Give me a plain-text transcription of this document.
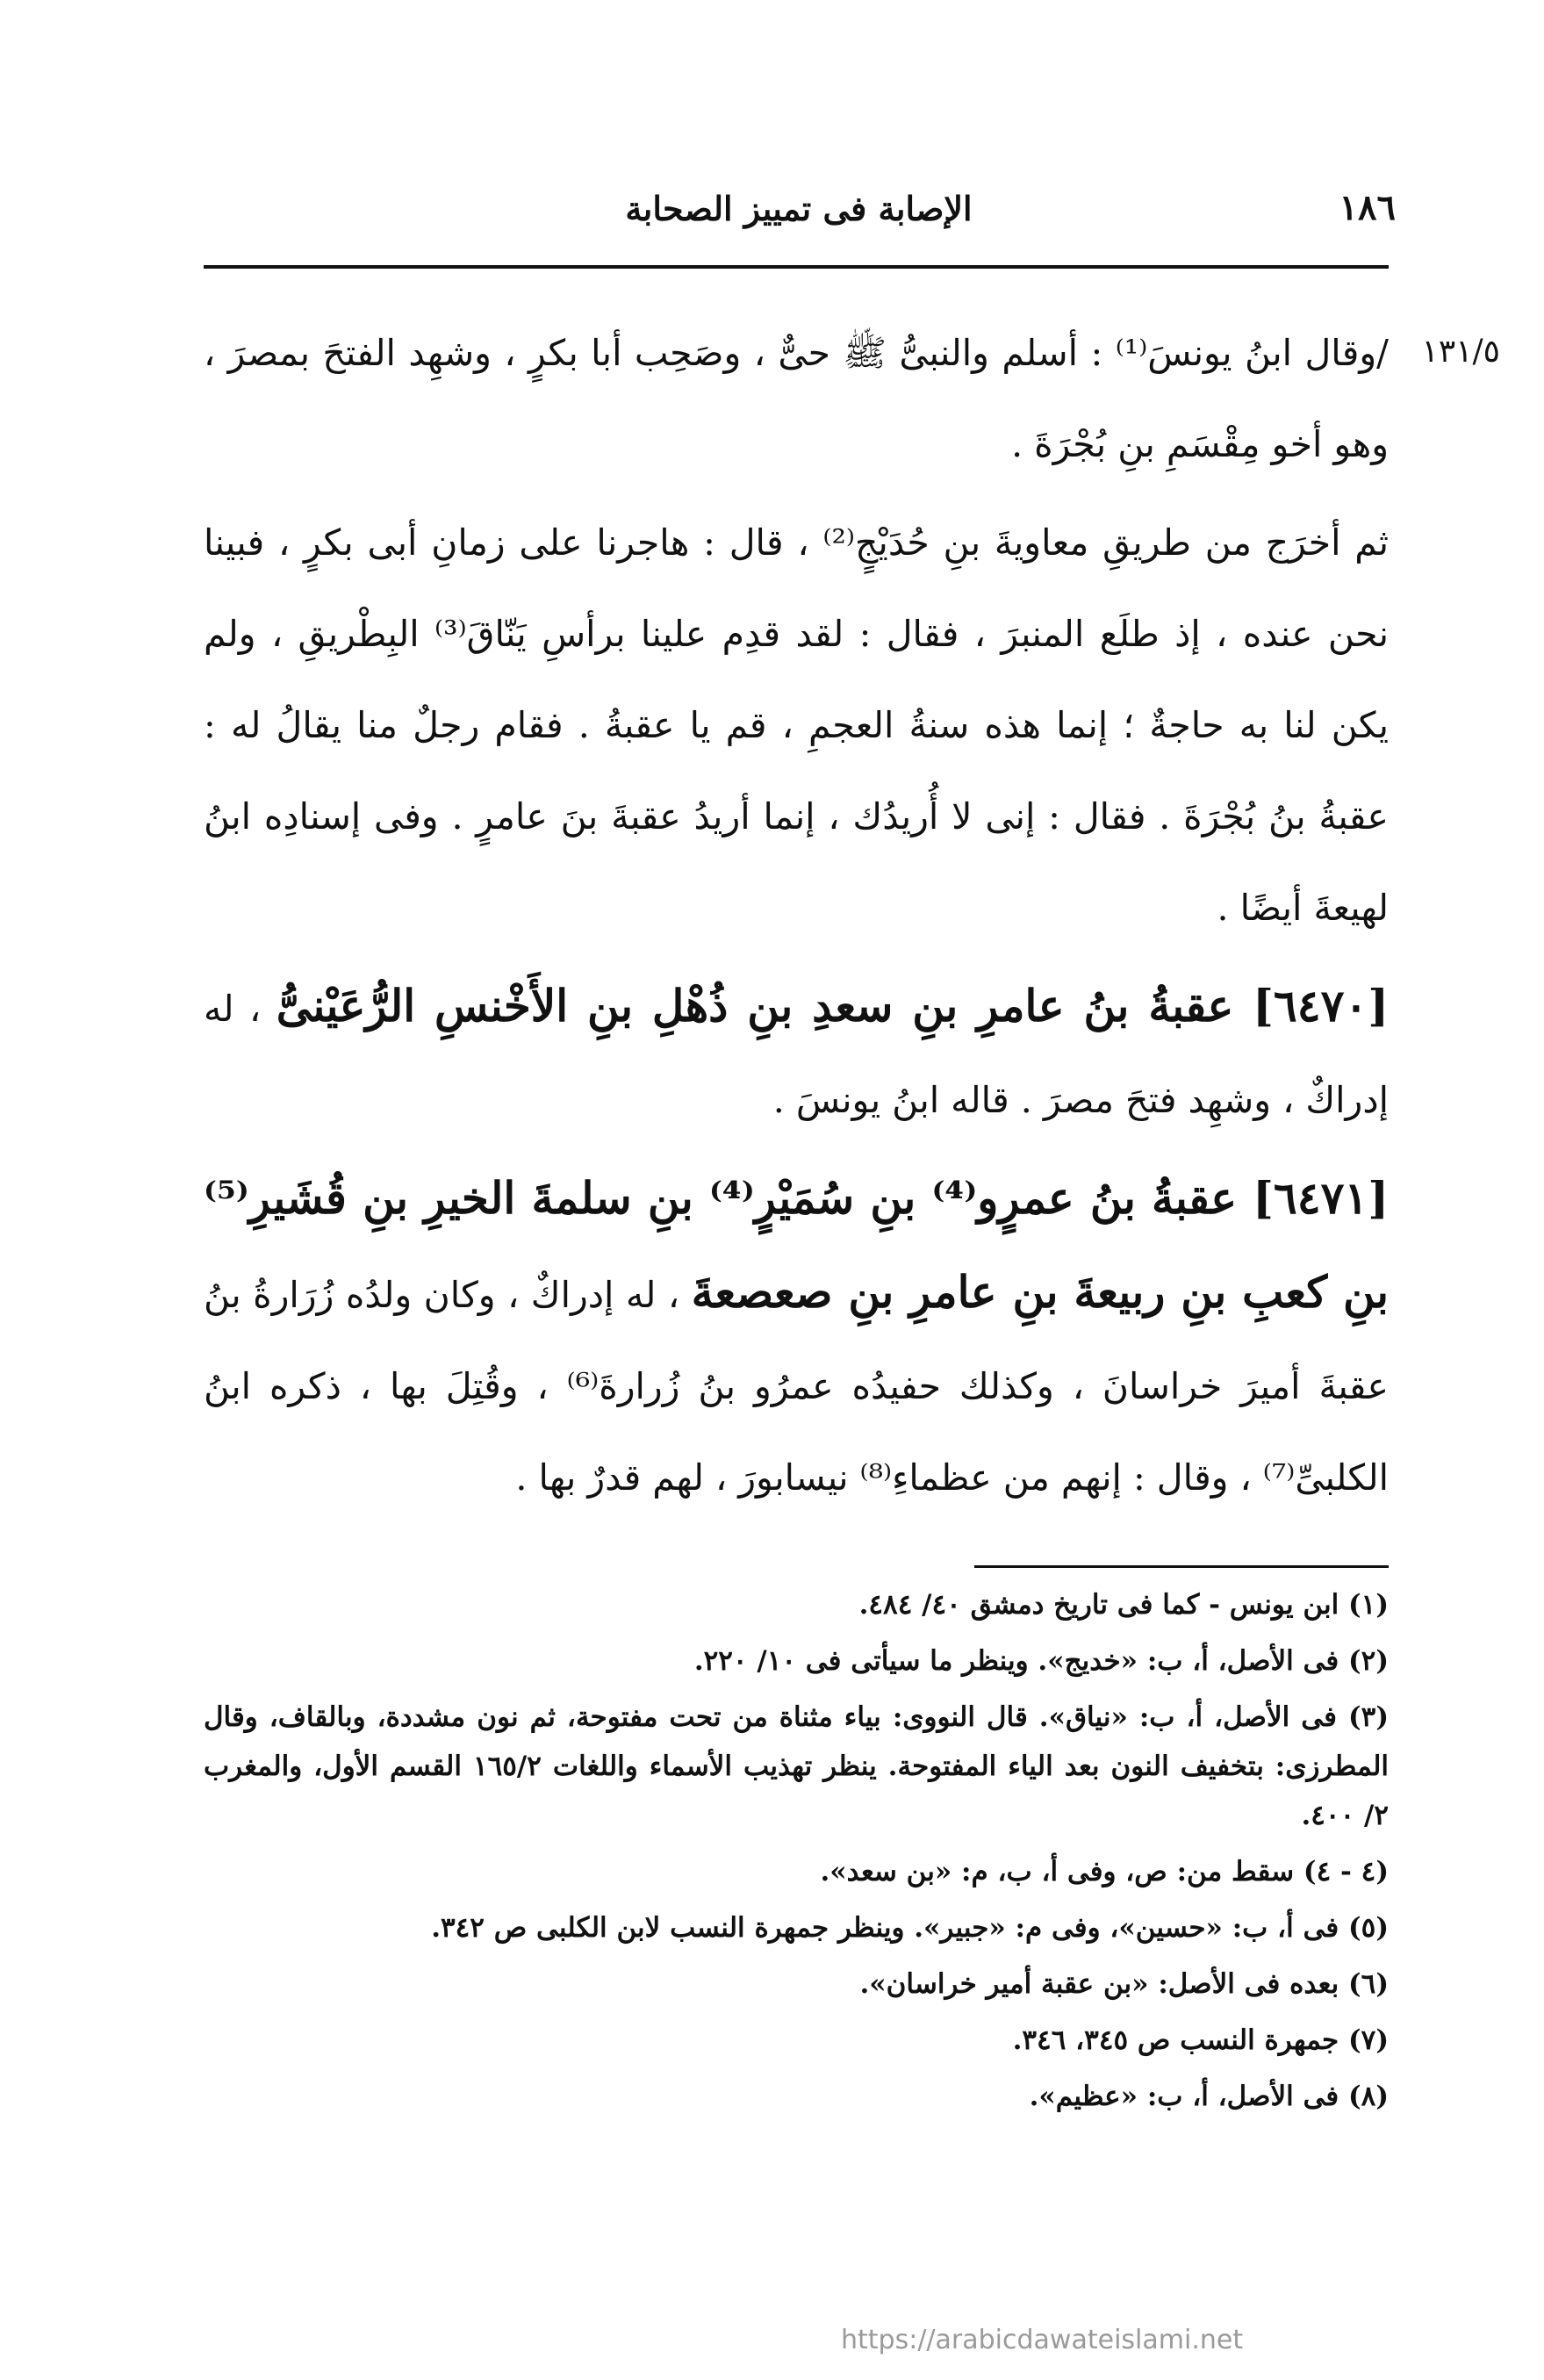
١٨٦
الإصابة فى تمييز الصحابة
١٣١/٥

/وقال ابنُ يونسَ⁽¹⁾ : أسلم والنبىُّ ﷺ حىٌّ ، وصَحِب أبا بكرٍ ، وشهِد الفتحَ بمصرَ ، وهو أخو مِقْسَمِ بنِ بُجْرَةَ .

ثم أخرَج من طريقِ معاويةَ بنِ حُدَيْجٍ⁽²⁾ ، قال : هاجرنا على زمانِ أبى بكرٍ ، فبينا نحن عنده ، إذ طلَع المنبرَ ، فقال : لقد قدِم علينا برأسِ يَنّاقَ⁽³⁾ البِطْريقِ ، ولم يكن لنا به حاجةٌ ؛ إنما هذه سنةُ العجمِ ، قم يا عقبةُ . فقام رجلٌ منا يقالُ له : عقبةُ بنُ بُجْرَةَ . فقال : إنى لا أُريدُك ، إنما أريدُ عقبةَ بنَ عامرٍ . وفى إسنادِه ابنُ لهيعةَ أيضًا .

[٦٤٧٠] عقبةُ بنُ عامرِ بنِ سعدِ بنِ ذُهْلِ بنِ الأَخْنسِ الرُّعَيْنىُّ ، له إدراكٌ ، وشهِد فتحَ مصرَ . قاله ابنُ يونسَ .

[٦٤٧١] عقبةُ بنُ عمرٍو⁽⁴⁾ بنِ سُمَيْرٍ⁽⁴⁾ بنِ سلمةَ الخيرِ بنِ قُشَيرِ⁽⁵⁾ بنِ كعبِ بنِ ربيعةَ بنِ عامرِ بنِ صعصعةَ ، له إدراكٌ ، وكان ولدُه زُرَارةُ بنُ عقبةَ أميرَ خراسانَ ، وكذلك حفيدُه عمرُو بنُ زُرارةَ⁽⁶⁾ ، وقُتِلَ بها ، ذكره ابنُ الكلبىِّ⁽⁷⁾ ، وقال : إنهم من عظماءِ⁽⁸⁾ نيسابورَ ، لهم قدرٌ بها .

(١) ابن يونس - كما فى تاريخ دمشق ٤٠/ ٤٨٤.

(٢) فى الأصل، أ، ب: «خديج». وينظر ما سيأتى فى ١٠/ ٢٢٠.

(٣) فى الأصل، أ، ب: «نياق». قال النووى: بياء مثناة من تحت مفتوحة، ثم نون مشددة، وبالقاف، وقال المطرزى: بتخفيف النون بعد الياء المفتوحة. ينظر تهذيب الأسماء واللغات ١٦٥/٢ القسم الأول، والمغرب ٢/ ٤٠٠.

(٤ - ٤) سقط من: ص، وفى أ، ب، م: «بن سعد».

(٥) فى أ، ب: «حسين»، وفى م: «جبير». وينظر جمهرة النسب لابن الكلبى ص ٣٤٢.

(٦) بعده فى الأصل: «بن عقبة أمير خراسان».

(٧) جمهرة النسب ص ٣٤٥، ٣٤٦.

(٨) فى الأصل، أ، ب: «عظيم».

https://arabicdawateislami.net
